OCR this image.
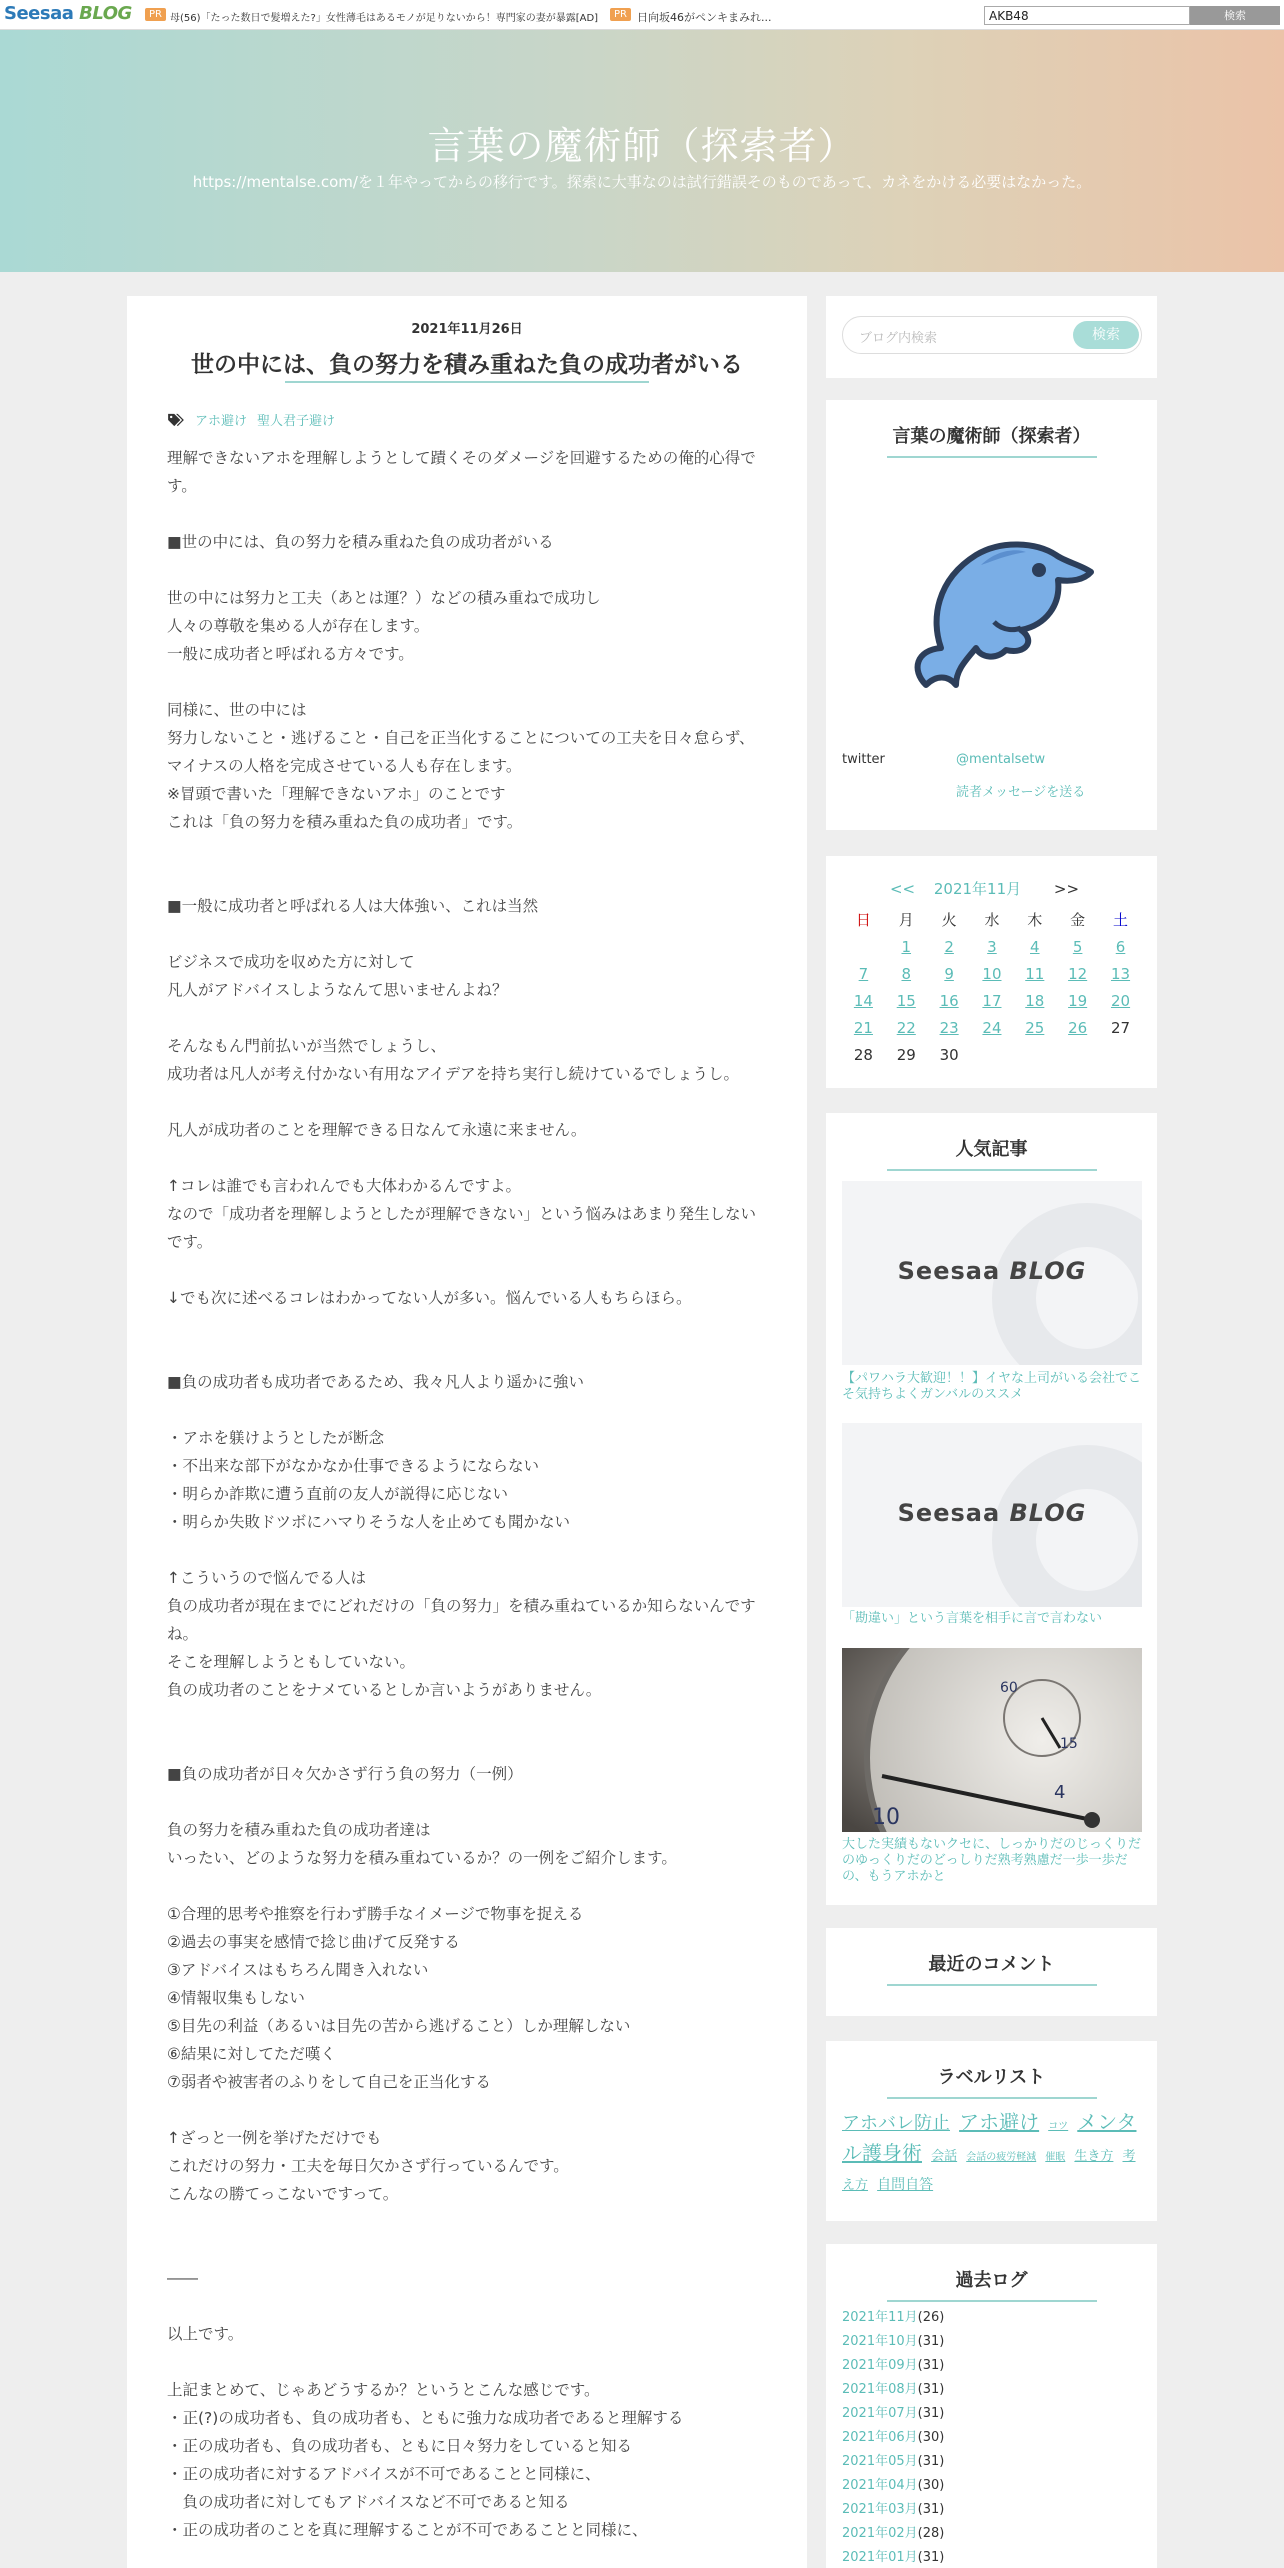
Seesaa BLOG	PR 母(56)「たった数日で髪増えた?」女性薄毛はあるモノが足りないから！専門家の妻が暴露[AD]	PR 日向坂46がペンキまみれ...
AKB48	検索
言葉の魔術師（探索者）
https://mentalse.com/を１年やってからの移行です。探索に大事なのは試行錯誤そのものであって、カネをかける必要はなかった。
2021年11月26日
世の中には、負の努力を積み重ねた負の成功者がいる
アホ避け 聖人君子避け

理解できないアホを理解しようとして蹟くそのダメージを回避するための俺的心得です。

■世の中には、負の努力を積み重ねた負の成功者がいる

世の中には努力と工夫（あとは運？）などの積み重ねで成功し

人々の尊敬を集める人が存在します。

一般に成功者と呼ばれる方々です。

同様に、世の中には

努力しないこと・逃げること・自己を正当化することについての工夫を日々怠らず、

マイナスの人格を完成させている人も存在します。

※冒頭で書いた「理解できないアホ」のことです

これは「負の努力を積み重ねた負の成功者」です。

■一般に成功者と呼ばれる人は大体強い、これは当然

ビジネスで成功を収めた方に対して

凡人がアドバイスしようなんて思いませんよね？

そんなもん門前払いが当然でしょうし、

成功者は凡人が考え付かない有用なアイデアを持ち実行し続けているでしょうし。

凡人が成功者のことを理解できる日なんて永遠に来ません。

↑コレは誰でも言われんでも大体わかるんですよ。

なので「成功者を理解しようとしたが理解できない」という悩みはあまり発生しないです。

↓でも次に述べるコレはわかってない人が多い。悩んでいる人もちらほら。

■負の成功者も成功者であるため、我々凡人より遥かに強い

・アホを躾けようとしたが断念

・不出来な部下がなかなか仕事できるようにならない

・明らか詐欺に遭う直前の友人が説得に応じない

・明らか失敗ドツボにハマりそうな人を止めても聞かない

↑こういうので悩んでる人は

負の成功者が現在までにどれだけの「負の努力」を積み重ねているか知らないんですね。

そこを理解しようともしていない。

負の成功者のことをナメているとしか言いようがありません。

■負の成功者が日々欠かさず行う負の努力（一例）

負の努力を積み重ねた負の成功者達は

いったい、どのような努力を積み重ねているか？の一例をご紹介します。

①合理的思考や推察を行わず勝手なイメージで物事を捉える

②過去の事実を感情で捻じ曲げて反発する

③アドバイスはもちろん聞き入れない

④情報収集もしない

⑤目先の利益（あるいは目先の苦から逃げること）しか理解しない

⑥結果に対してただ嘆く

⑦弱者や被害者のふりをして自己を正当化する

↑ざっと一例を挙げただけでも

これだけの努力・工夫を毎日欠かさず行っているんです。

こんなの勝てっこないですって。

――

以上です。

上記まとめて、じゃあどうするか？というとこんな感じです。

・正(?)の成功者も、負の成功者も、ともに強力な成功者であると理解する

・正の成功者も、負の成功者も、ともに日々努力をしていると知る

・正の成功者に対するアドバイスが不可であることと同様に、

　負の成功者に対してもアドバイスなど不可であると知る

・正の成功者のことを真に理解することが不可であることと同様に、

ブログ内検索	検索
言葉の魔術師（探索者）
twitter	@mentalsetw
読者メッセージを送る
<< 2021年11月 >>
日	月	火	水	木	金	土
	1	2	3	4	5	6
7	8	9	10	11	12	13
14	15	16	17	18	19	20
21	22	23	24	25	26	27
28	29	30				
人気記事
Seesaa BLOG
【パワハラ大歓迎！！】イヤな上司がいる会社でこそ気持ちよくガンバルのススメ
Seesaa BLOG
「勘違い」という言葉を相手に言で言わない
10
60
15
4
大した実績もないクセに、しっかりだのじっくりだのゆっくりだのどっしりだ熟考熟慮だ一歩一歩だの、もうアホかと
最近のコメント
ラベルリスト
アホバレ防止 アホ避け コツ メンタル護身術 会話 会話の疲労軽減 催眠 生き方 考え方 自問自答
過去ログ
2021年11月(26)
2021年10月(31)
2021年09月(31)
2021年08月(31)
2021年07月(31)
2021年06月(30)
2021年05月(31)
2021年04月(30)
2021年03月(31)
2021年02月(28)
2021年01月(31)
